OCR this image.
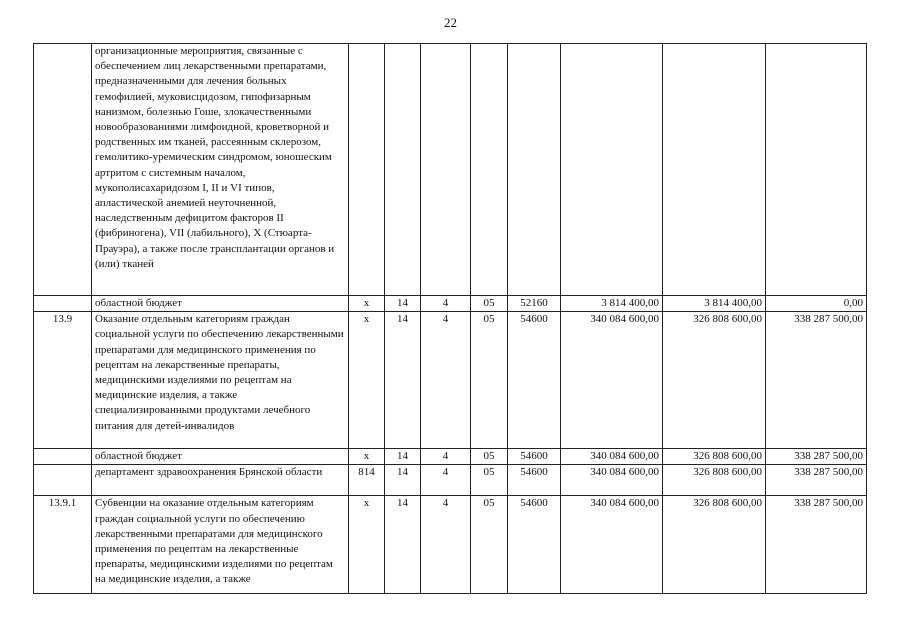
22
	организационные мероприятия, связанные с обеспечением лиц лекарственными препаратами, предназначенными для лечения больных гемофилией, муковисцидозом, гипофизарным нанизмом, болезнью Гоше, злокачественными новообразованиями лимфоидной, кроветворной и родственных им тканей, рассеянным склерозом, гемолитико-уремическим синдромом, юношеским артритом с системным началом, мукополисахаридозом I, II и VI типов, апластической анемией неуточненной, наследственным дефицитом факторов II (фибриногена), VII (лабильного), X (Стюарта-Прауэра), а также после трансплантации органов и (или) тканей								
	областной бюджет	х	14	4	05	52160	3 814 400,00	3 814 400,00	0,00
13.9	Оказание отдельным категориям граждан социальной услуги по обеспечению лекарственными препаратами для медицинского применения по рецептам на лекарственные препараты, медицинскими изделиями по рецептам на медицинские изделия, а также специализированными продуктами лечебного питания для детей-инвалидов	х	14	4	05	54600	340 084 600,00	326 808 600,00	338 287 500,00
	областной бюджет	х	14	4	05	54600	340 084 600,00	326 808 600,00	338 287 500,00
	департамент здравоохранения Брянской области	814	14	4	05	54600	340 084 600,00	326 808 600,00	338 287 500,00
13.9.1	Субвенции на оказание отдельным категориям граждан социальной услуги по обеспечению лекарственными препаратами для медицинского применения по рецептам на лекарственные препараты, медицинскими изделиями по рецептам на медицинские изделия, а также	х	14	4	05	54600	340 084 600,00	326 808 600,00	338 287 500,00
